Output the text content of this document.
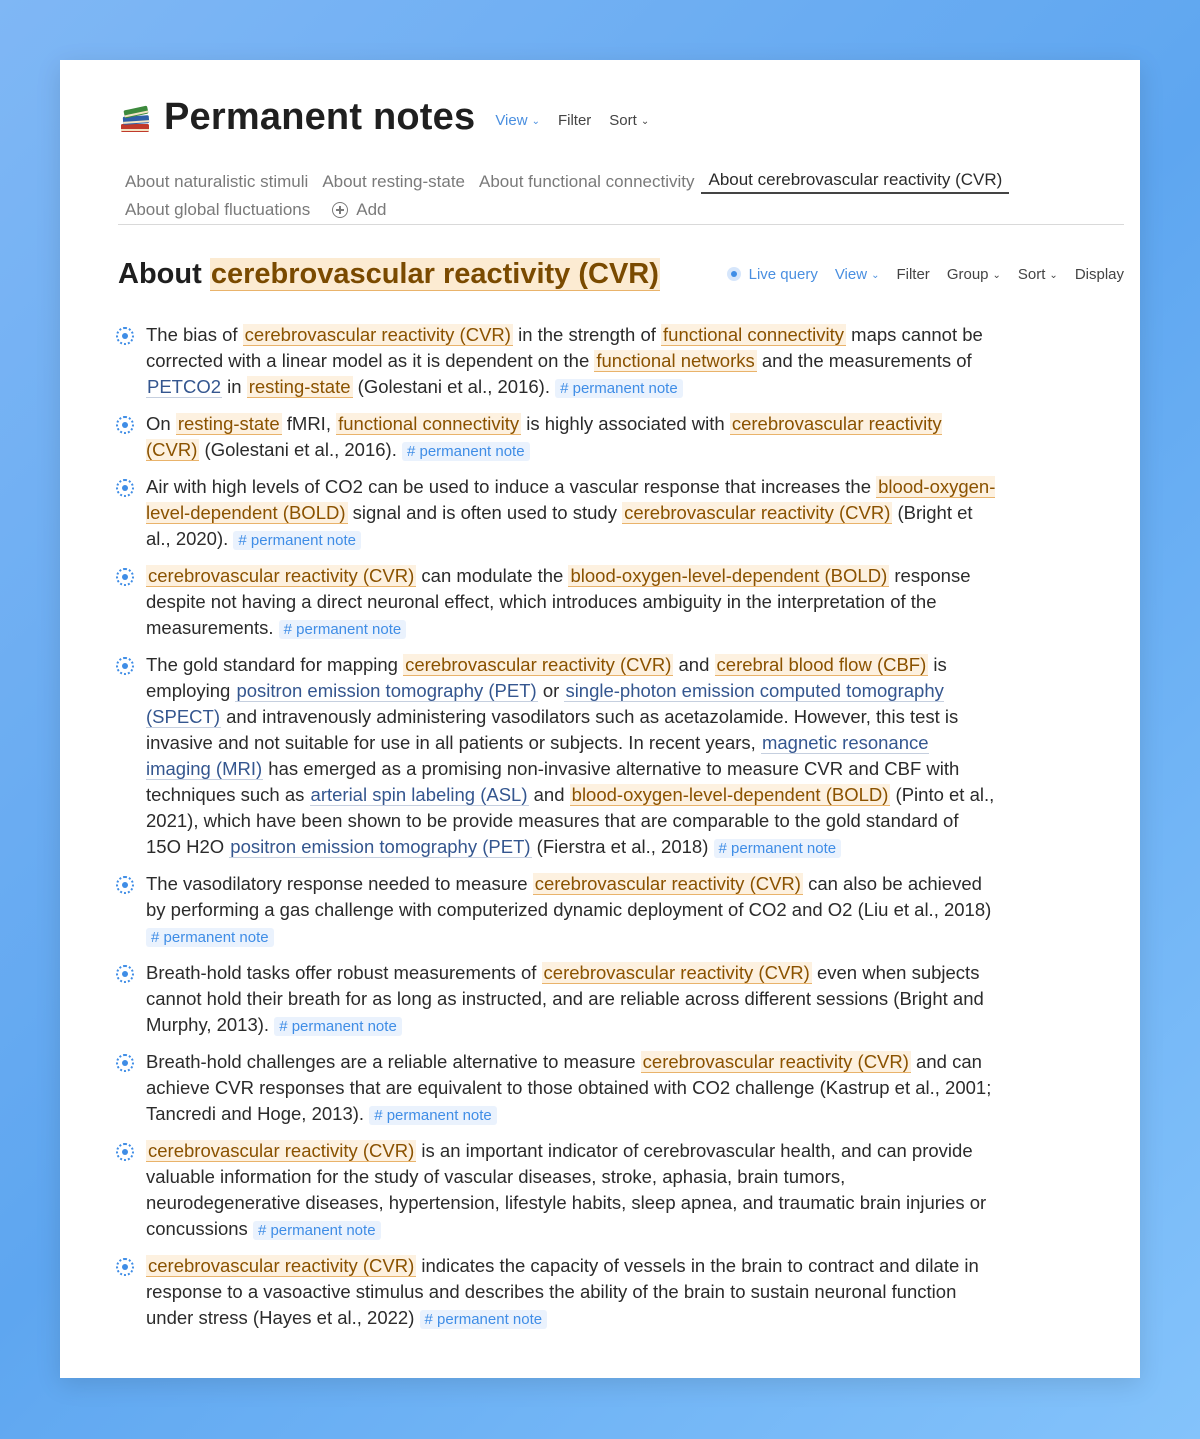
Permanent notes View ⌄ Filter Sort ⌄
About naturalistic stimuli About resting-state About functional connectivity About cerebrovascular reactivity (CVR)
About global fluctuations	Add
About cerebrovascular reactivity (CVR)	Live query View ⌄ Filter Group ⌄ Sort ⌄ Display
The bias of cerebrovascular reactivity (CVR) in the strength of functional connectivity maps cannot be corrected with a linear model as it is dependent on the functional networks and the measurements of PETCO2 in resting-state (Golestani et al., 2016). # permanent note
On resting-state fMRI, functional connectivity is highly associated with cerebrovascular reactivity (CVR) (Golestani et al., 2016). # permanent note
Air with high levels of CO2 can be used to induce a vascular response that increases the blood-oxygen-level-dependent (BOLD) signal and is often used to study cerebrovascular reactivity (CVR) (Bright et al., 2020). # permanent note
cerebrovascular reactivity (CVR) can modulate the blood-oxygen-level-dependent (BOLD) response despite not having a direct neuronal effect, which introduces ambiguity in the interpretation of the measurements. # permanent note
The gold standard for mapping cerebrovascular reactivity (CVR) and cerebral blood flow (CBF) is employing positron emission tomography (PET) or single-photon emission computed tomography (SPECT) and intravenously administering vasodilators such as acetazolamide. However, this test is invasive and not suitable for use in all patients or subjects. In recent years, magnetic resonance imaging (MRI) has emerged as a promising non-invasive alternative to measure CVR and CBF with techniques such as arterial spin labeling (ASL) and blood-oxygen-level-dependent (BOLD) (Pinto et al., 2021), which have been shown to be provide measures that are comparable to the gold standard of 15O H2O positron emission tomography (PET) (Fierstra et al., 2018) # permanent note
The vasodilatory response needed to measure cerebrovascular reactivity (CVR) can also be achieved by performing a gas challenge with computerized dynamic deployment of CO2 and O2 (Liu et al., 2018) # permanent note
Breath-hold tasks offer robust measurements of cerebrovascular reactivity (CVR) even when subjects cannot hold their breath for as long as instructed, and are reliable across different sessions (Bright and Murphy, 2013). # permanent note
Breath-hold challenges are a reliable alternative to measure cerebrovascular reactivity (CVR) and can achieve CVR responses that are equivalent to those obtained with CO2 challenge (Kastrup et al., 2001; Tancredi and Hoge, 2013). # permanent note
cerebrovascular reactivity (CVR) is an important indicator of cerebrovascular health, and can provide valuable information for the study of vascular diseases, stroke, aphasia, brain tumors, neurodegenerative diseases, hypertension, lifestyle habits, sleep apnea, and traumatic brain injuries or concussions # permanent note
cerebrovascular reactivity (CVR) indicates the capacity of vessels in the brain to contract and dilate in response to a vasoactive stimulus and describes the ability of the brain to sustain neuronal function under stress (Hayes et al., 2022) # permanent note
